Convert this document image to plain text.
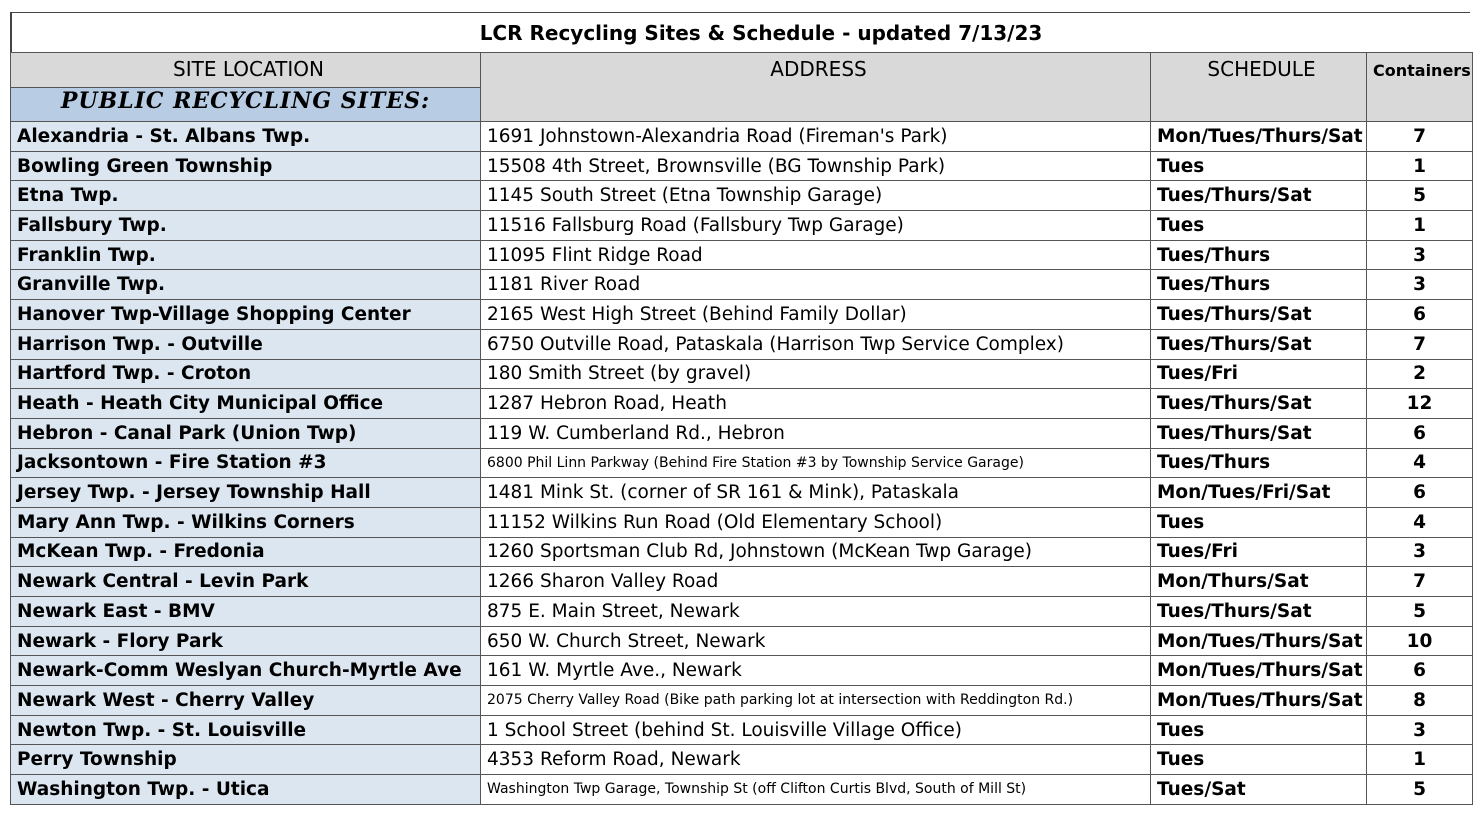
LCR Recycling Sites & Schedule - updated 7/13/23
SITE LOCATION	ADDRESS	SCHEDULE	Containers

PUBLIC RECYCLING SITES:			
Alexandria - St. Albans Twp.	1691 Johnstown-Alexandria Road (Fireman's Park)	Mon/Tues/Thurs/Sat	7
Bowling Green Township	15508 4th Street, Brownsville (BG Township Park)	Tues	1
Etna Twp.	1145 South Street (Etna Township Garage)	Tues/Thurs/Sat	5
Fallsbury Twp.	11516 Fallsburg Road (Fallsbury Twp Garage)	Tues	1
Franklin Twp.	11095 Flint Ridge Road	Tues/Thurs	3
Granville Twp.	1181 River Road	Tues/Thurs	3
Hanover Twp-Village Shopping Center	2165 West High Street (Behind Family Dollar)	Tues/Thurs/Sat	6
Harrison Twp. - Outville	6750 Outville Road, Pataskala (Harrison Twp Service Complex)	Tues/Thurs/Sat	7
Hartford Twp. - Croton	180 Smith Street (by gravel)	Tues/Fri	2
Heath - Heath City Municipal Office	1287 Hebron Road, Heath	Tues/Thurs/Sat	12
Hebron - Canal Park (Union Twp)	119 W. Cumberland Rd., Hebron	Tues/Thurs/Sat	6
Jacksontown - Fire Station #3	6800 Phil Linn Parkway (Behind Fire Station #3 by Township Service Garage)	Tues/Thurs	4
Jersey Twp. - Jersey Township Hall	1481 Mink St. (corner of SR 161 & Mink), Pataskala	Mon/Tues/Fri/Sat	6
Mary Ann Twp. - Wilkins Corners	11152 Wilkins Run Road (Old Elementary School)	Tues	4
McKean Twp. - Fredonia	1260 Sportsman Club Rd, Johnstown (McKean Twp Garage)	Tues/Fri	3
Newark Central - Levin Park	1266 Sharon Valley Road	Mon/Thurs/Sat	7
Newark East - BMV	875 E. Main Street, Newark	Tues/Thurs/Sat	5
Newark - Flory Park	650 W. Church Street, Newark	Mon/Tues/Thurs/Sat	10
Newark-Comm Weslyan Church-Myrtle Ave	161 W. Myrtle Ave., Newark	Mon/Tues/Thurs/Sat	6
Newark West - Cherry Valley	2075 Cherry Valley Road (Bike path parking lot at intersection with Reddington Rd.)	Mon/Tues/Thurs/Sat	8
Newton Twp. - St. Louisville	1 School Street (behind St. Louisville Village Office)	Tues	3
Perry Township	4353 Reform Road, Newark	Tues	1
Washington Twp. - Utica	Washington Twp Garage, Township St (off Clifton Curtis Blvd, South of Mill St)	Tues/Sat	5
